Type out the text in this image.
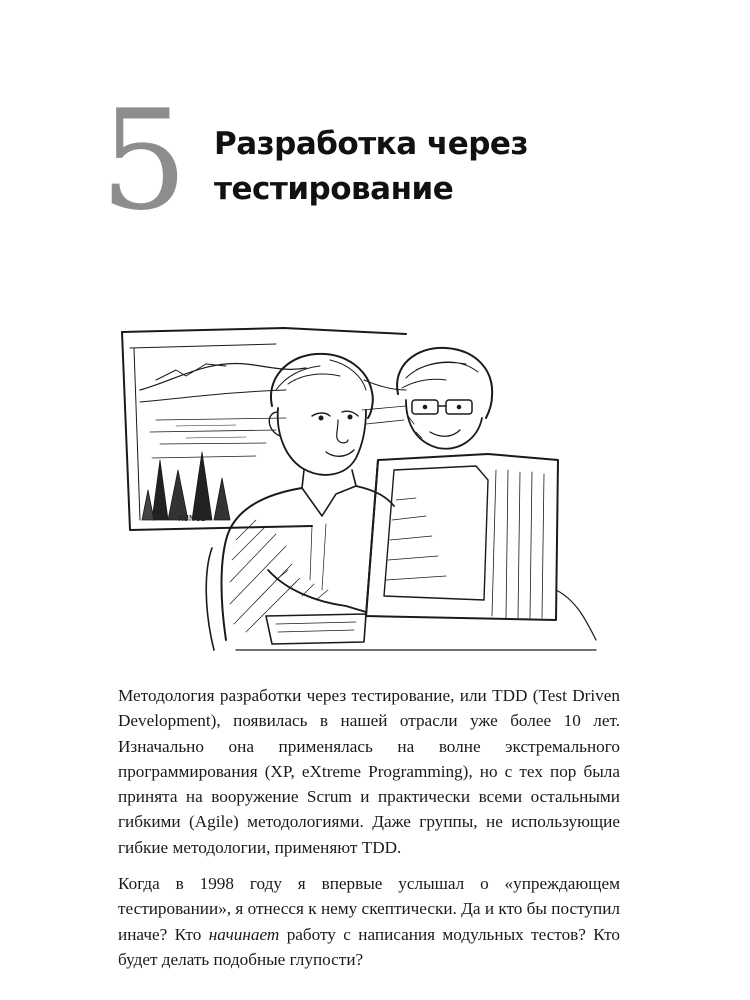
5 Разработка через
тестирование
KUNCE

Методология разработки через тестирование, или TDD (Test Driven Development), появилась в нашей отрасли уже более 10 лет. Изначально она применялась на волне экстремального программирования (XP, eXtreme Programming), но с тех пор была принята на вооружение Scrum и практически всеми остальными гибкими (Agile) методологиями. Даже группы, не использующие гибкие методологии, применяют TDD.

Когда в 1998 году я впервые услышал о «упреждающем тестировании», я отнесся к нему скептически. Да и кто бы поступил иначе? Кто начинает работу с написания модульных тестов? Кто будет делать подобные глупости?
